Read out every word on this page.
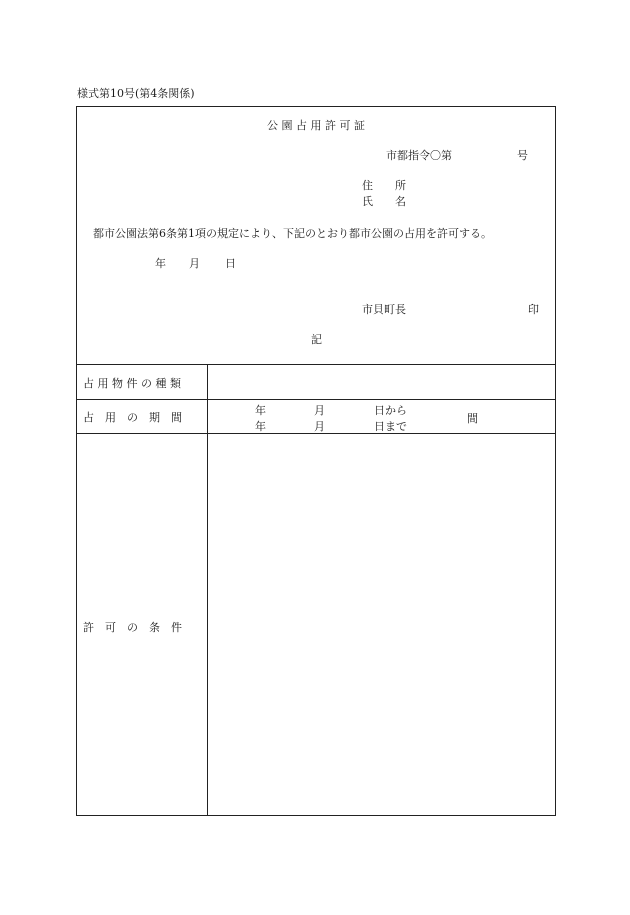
様式第10号(第4条関係)
公 園 占 用 許 可 証
市都指令〇第	号
住　　所
氏　　名
都市公園法第6条第1項の規定により、下記のとおり都市公園の占用を許可する。
年 月 日
市貝町長	印
記
占 用 物 件 の 種 類
占　用　の　期　間
年	月	日から
年	月	日まで
間
許　可　の　条　件
